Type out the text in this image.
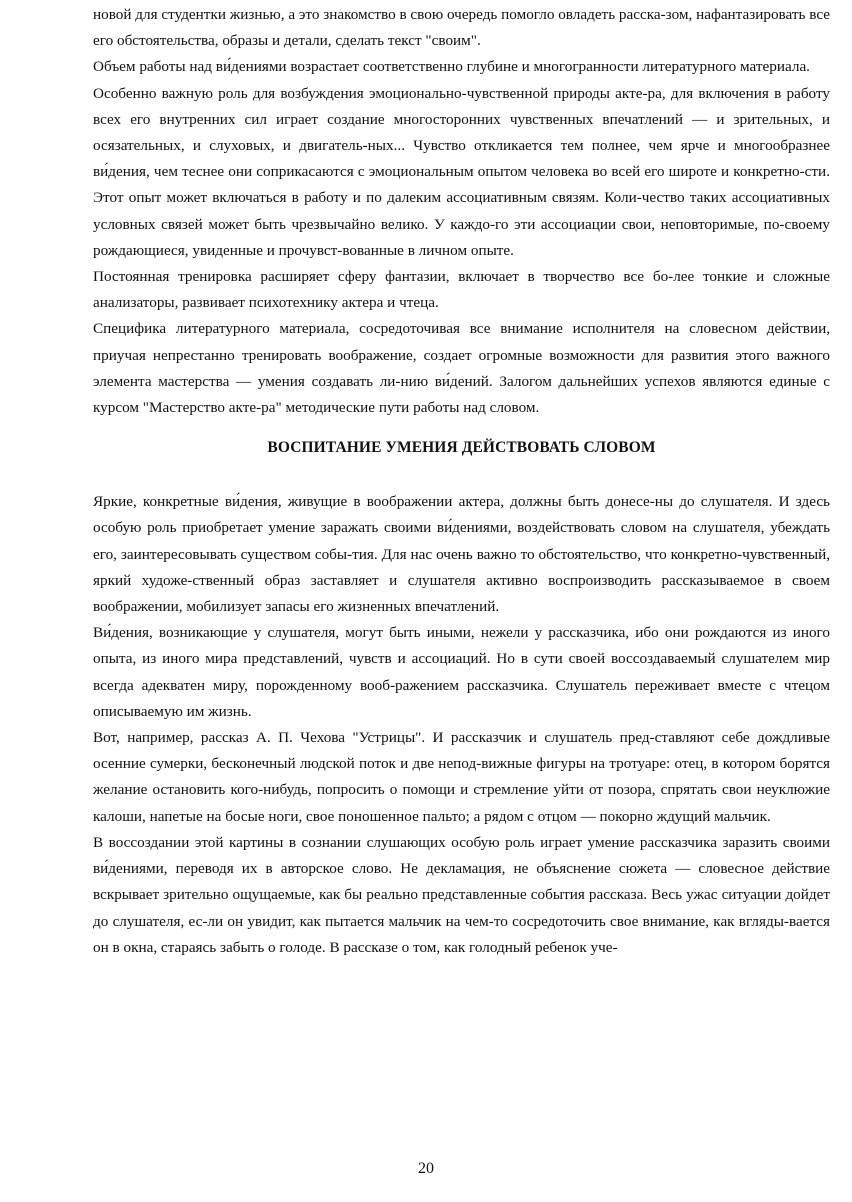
новой для студентки жизнью, а это знакомство в свою очередь помогло овладеть расска-зом, нафантазировать все его обстоятельства, образы и детали, сделать текст "своим".

Объем работы над ви́дениями возрастает соответственно глубине и многогранности литературного материала.

Особенно важную роль для возбуждения эмоционально-чувственной природы акте-ра, для включения в работу всех его внутренних сил играет создание многосторонних чувственных впечатлений — и зрительных, и осязательных, и слуховых, и двигатель-ных... Чувство откликается тем полнее, чем ярче и многообразнее ви́дения, чем теснее они соприкасаются с эмоциональным опытом человека во всей его широте и конкретно-сти. Этот опыт может включаться в работу и по далеким ассоциативным связям. Коли-чество таких ассоциативных условных связей может быть чрезвычайно велико. У каждо-го эти ассоциации свои, неповторимые, по-своему рождающиеся, увиденные и прочувст-вованные в личном опыте.

Постоянная тренировка расширяет сферу фантазии, включает в творчество все бо-лее тонкие и сложные анализаторы, развивает психотехнику актера и чтеца.

Специфика литературного материала, сосредоточивая все внимание исполнителя на словесном действии, приучая непрестанно тренировать воображение, создает огромные возможности для развития этого важного элемента мастерства — умения создавать ли-нию ви́дений. Залогом дальнейших успехов являются единые с курсом "Мастерство акте-ра" методические пути работы над словом.

ВОСПИТАНИЕ УМЕНИЯ ДЕЙСТВОВАТЬ СЛОВОМ

Яркие, конкретные ви́дения, живущие в воображении актера, должны быть донесе-ны до слушателя. И здесь особую роль приобретает умение заражать своими ви́дениями, воздействовать словом на слушателя, убеждать его, заинтересовывать существом собы-тия. Для нас очень важно то обстоятельство, что конкретно-чувственный, яркий художе-ственный образ заставляет и слушателя активно воспроизводить рассказываемое в своем воображении, мобилизует запасы его жизненных впечатлений.

Ви́дения, возникающие у слушателя, могут быть иными, нежели у рассказчика, ибо они рождаются из иного опыта, из иного мира представлений, чувств и ассоциаций. Но в сути своей воссоздаваемый слушателем мир всегда адекватен миру, порожденному вооб-ражением рассказчика. Слушатель переживает вместе с чтецом описываемую им жизнь.

Вот, например, рассказ А. П. Чехова "Устрицы". И рассказчик и слушатель пред-ставляют себе дождливые осенние сумерки, бесконечный людской поток и две непод-вижные фигуры на тротуаре: отец, в котором борятся желание остановить кого-нибудь, попросить о помощи и стремление уйти от позора, спрятать свои неуклюжие калоши, напетые на босые ноги, свое поношенное пальто; а рядом с отцом — покорно ждущий мальчик.

В воссоздании этой картины в сознании слушающих особую роль играет умение рассказчика заразить своими ви́дениями, переводя их в авторское слово. Не декламация, не объяснение сюжета — словесное действие вскрывает зрительно ощущаемые, как бы реально представленные события рассказа. Весь ужас ситуации дойдет до слушателя, ес-ли он увидит, как пытается мальчик на чем-то сосредоточить свое внимание, как вгляды-вается он в окна, стараясь забыть о голоде. В рассказе о том, как голодный ребенок уче-

20
